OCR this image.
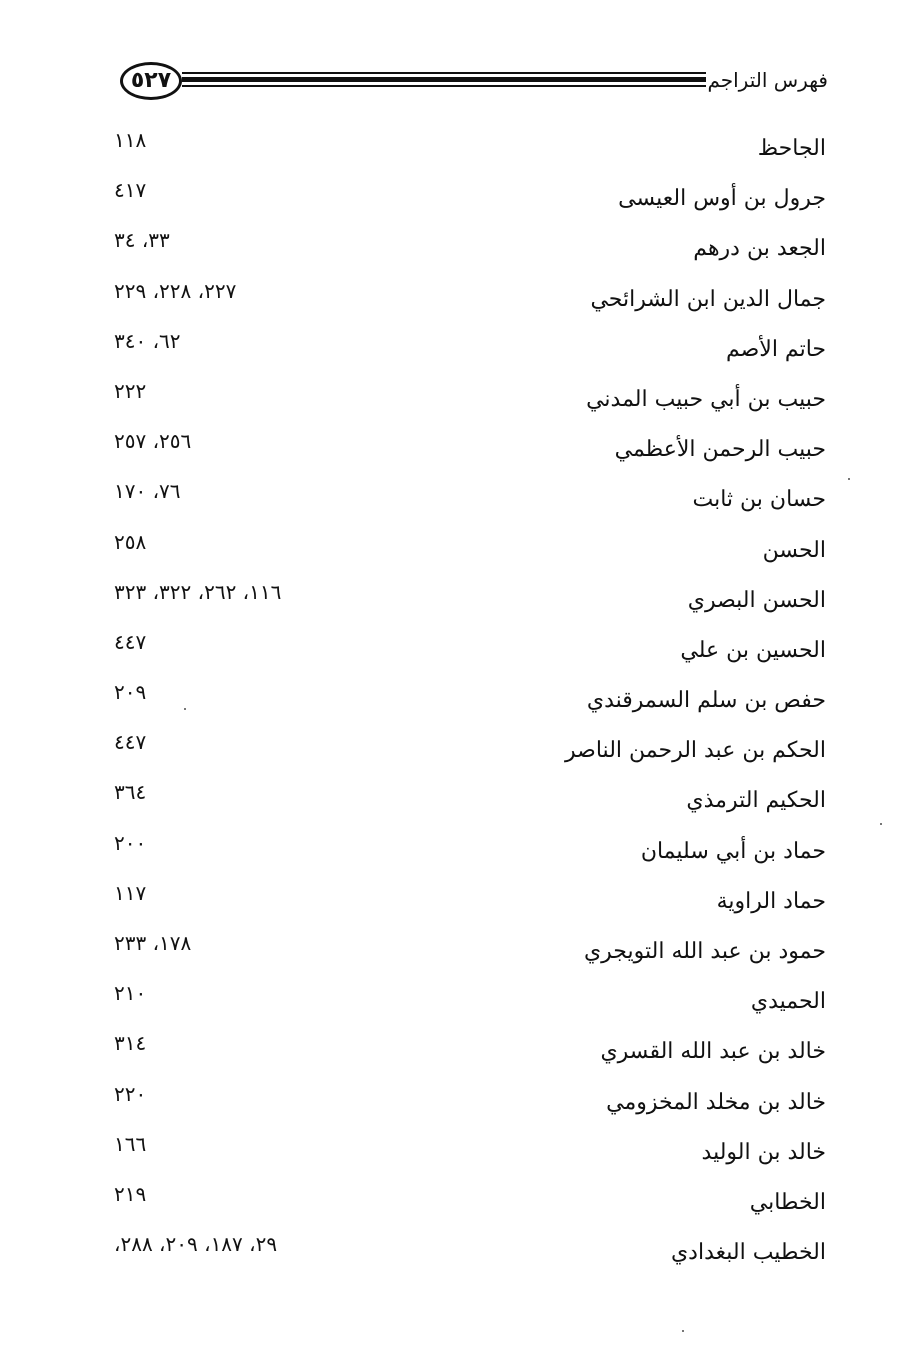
٥٢٧	فهرس التراجم
الجاحظ
١١٨
جرول بن أوس العيسى
٤١٧
الجعد بن درهم
٣٣، ٣٤
جمال الدين ابن الشرائحي
٢٢٧، ٢٢٨، ٢٢٩
حاتم الأصم
٦٢، ٣٤٠
حبيب بن أبي حبيب المدني
٢٢٢
حبيب الرحمن الأعظمي
٢٥٦، ٢٥٧
حسان بن ثابت
٧٦، ١٧٠
الحسن
٢٥٨
الحسن البصري
١١٦، ٢٦٢، ٣٢٢، ٣٢٣
الحسين بن علي
٤٤٧
حفص بن سلم السمرقندي
٢٠٩
الحكم بن عبد الرحمن الناصر
٤٤٧
الحكيم الترمذي
٣٦٤
حماد بن أبي سليمان
٢٠٠
حماد الراوية
١١٧
حمود بن عبد الله التويجري
١٧٨، ٢٣٣
الحميدي
٢١٠
خالد بن عبد الله القسري
٣١٤
خالد بن مخلد المخزومي
٢٢٠
خالد بن الوليد
١٦٦
الخطابي
٢١٩
الخطيب البغدادي
٢٩، ١٨٧، ٢٠٩، ٢٨٨،
